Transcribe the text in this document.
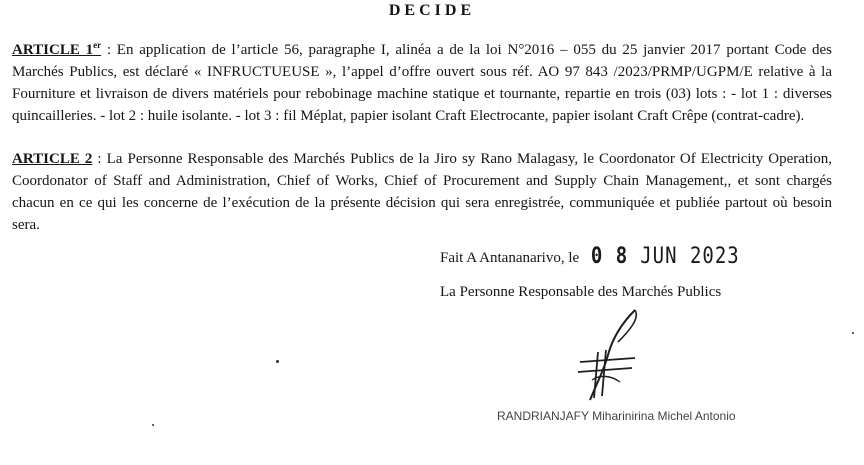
DECIDE

ARTICLE 1er : En application de l’article 56, paragraphe I, alinéa a de la loi N°2016 – 055 du 25 janvier 2017 portant Code des Marchés Publics, est déclaré « INFRUCTUEUSE », l’appel d’offre ouvert sous réf. AO 97 843 /2023/PRMP/UGPM/E relative à la Fourniture et livraison de divers matériels pour rebobinage machine statique et tournante, repartie en trois (03) lots : - lot 1 : diverses quincailleries. - lot 2 : huile isolante. - lot 3 : fil Méplat, papier isolant Craft Electrocante, papier isolant Craft Crêpe (contrat-cadre).

ARTICLE 2 : La Personne Responsable des Marchés Publics de la Jiro sy Rano Malagasy, le Coordonator Of Electricity Operation, Coordonator of Staff and Administration, Chief of Works, Chief of Procurement and Supply Chain Management,, et sont chargés chacun en ce qui les concerne de l’exécution de la présente décision qui sera enregistrée, communiquée et publiée partout où besoin sera.

Fait A Antananarivo, le 0 8 JUN 2023
La Personne Responsable des Marchés Publics
RANDRIANJAFY Miharinirina Michel Antonio
